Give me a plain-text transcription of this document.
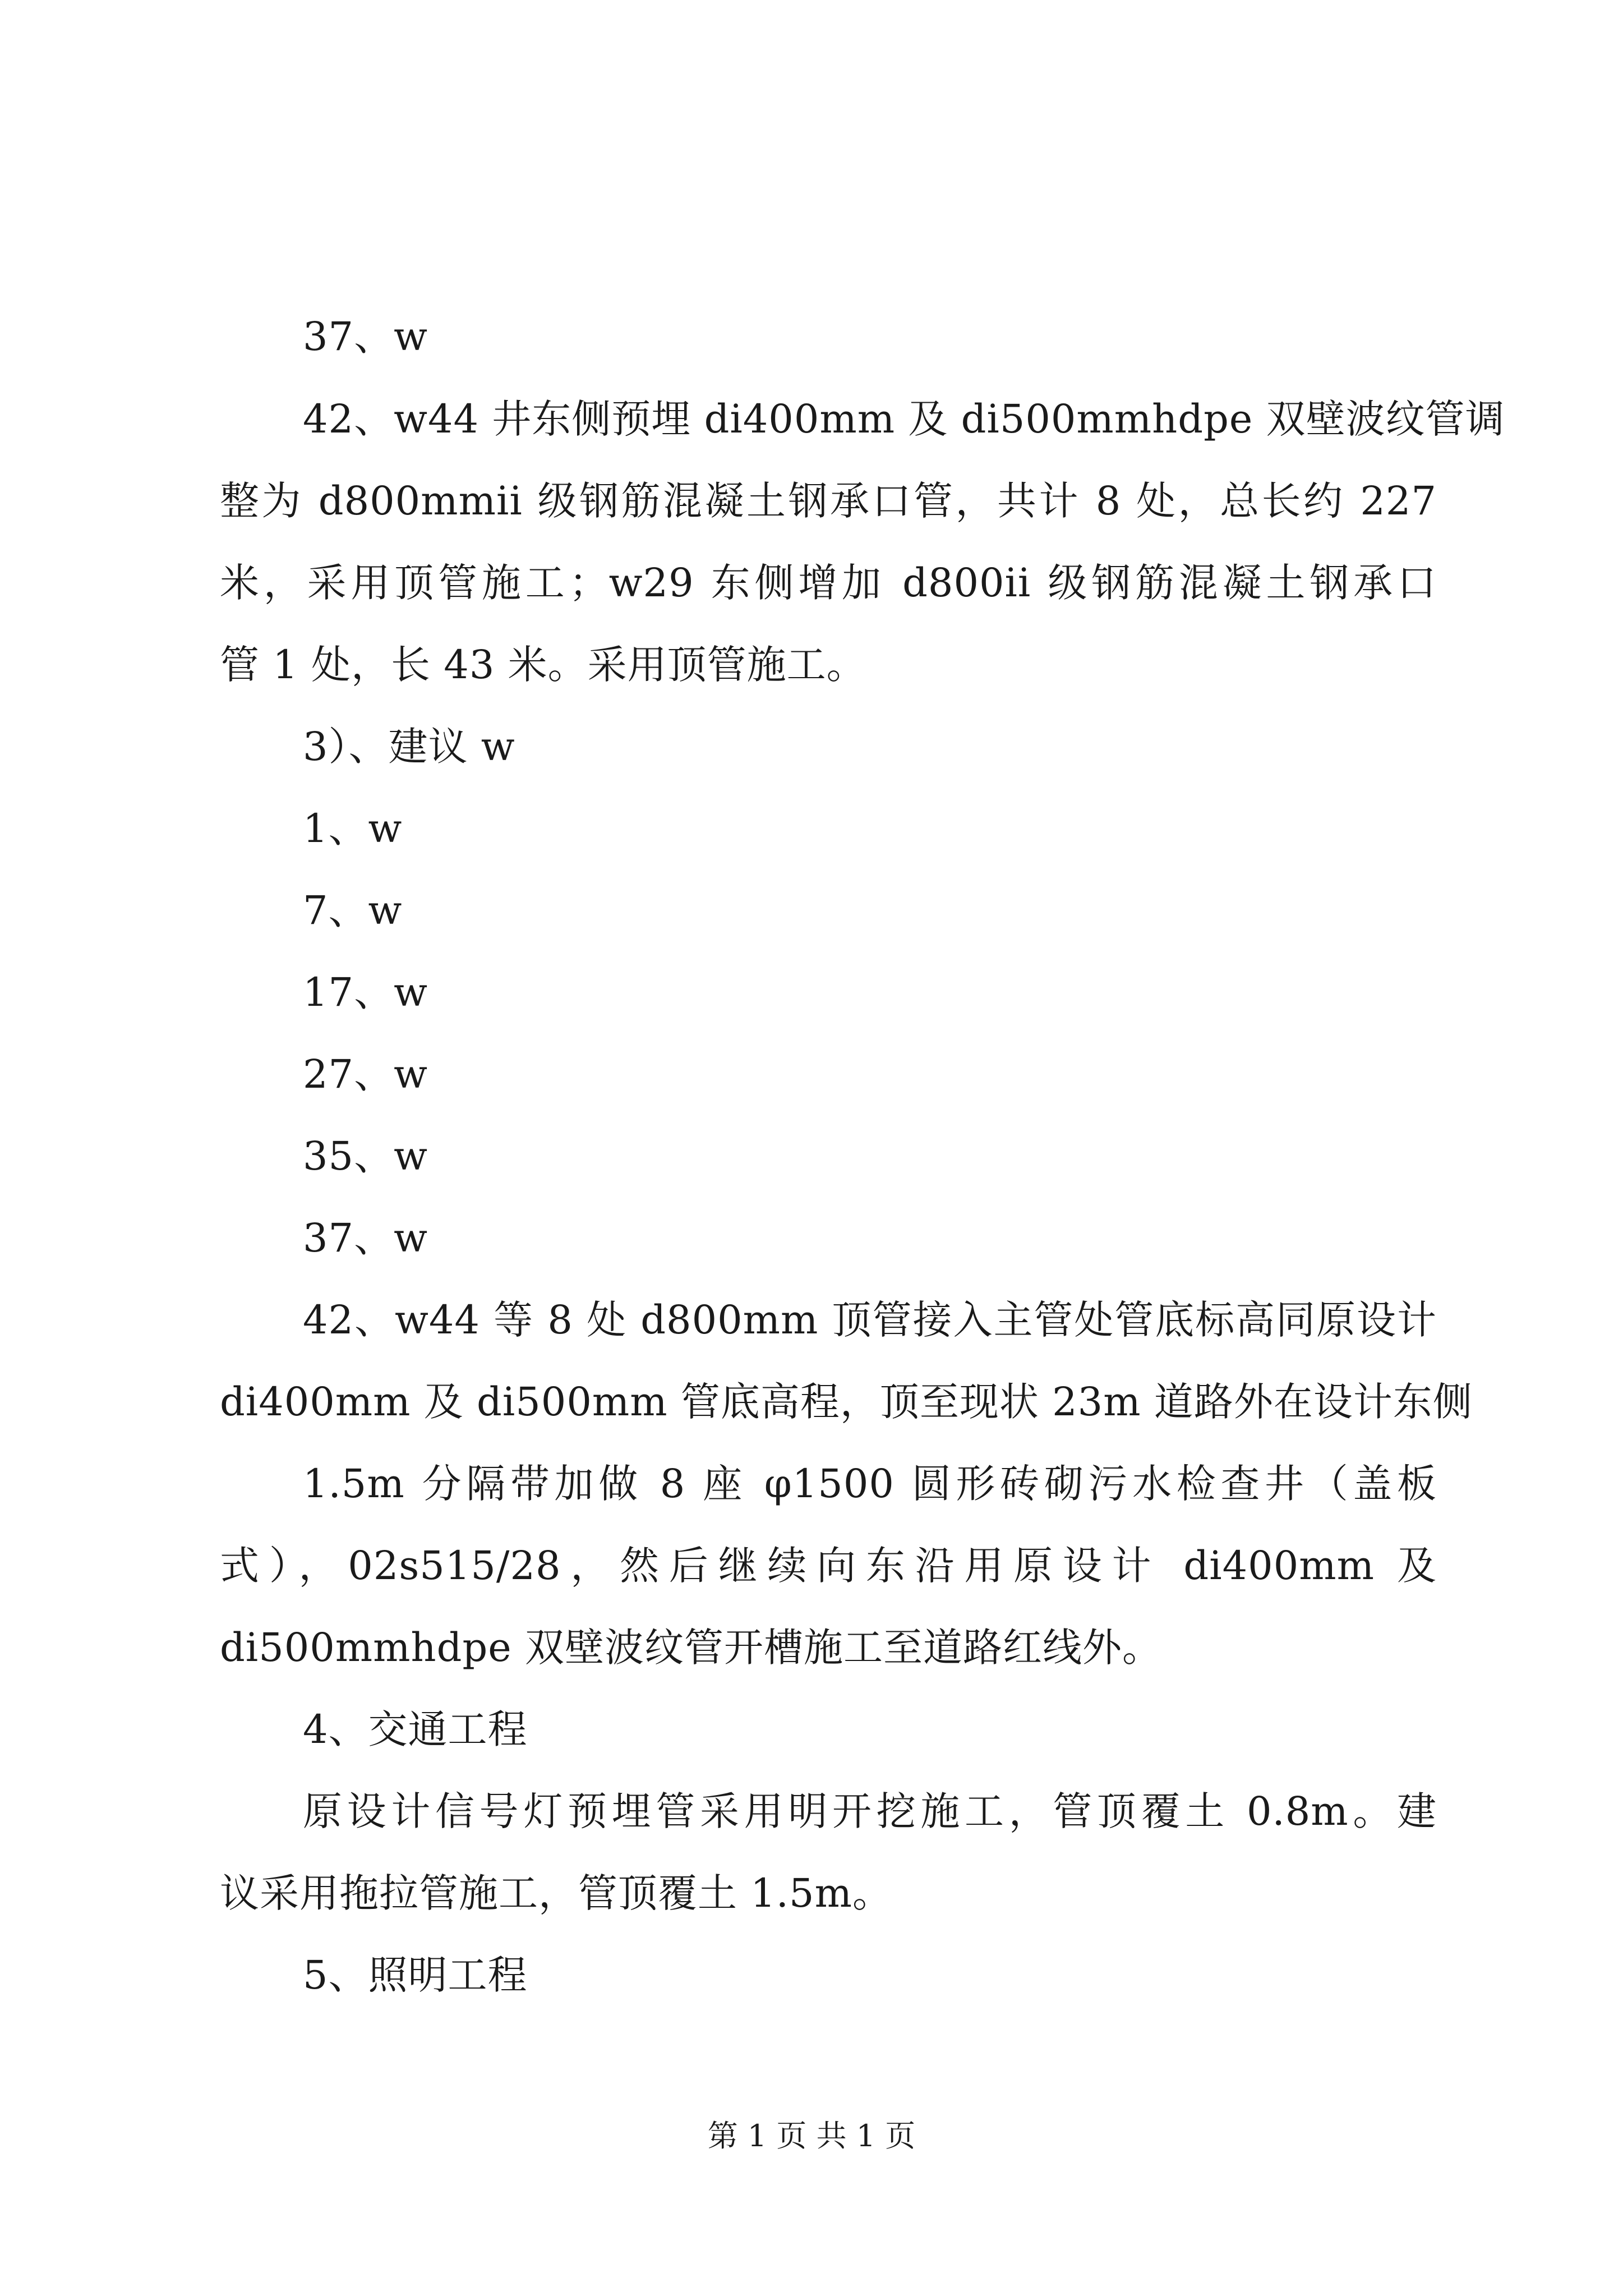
37、w
42、w44 井东侧预埋 di400mm 及 di500mmhdpe 双壁波纹管调
整为 d800mmii 级钢筋混凝土钢承口管，共计 8 处，总长约 227
米，采用顶管施工；w29 东侧增加 d800ii 级钢筋混凝土钢承口
管 1 处，长 43 米。采用顶管施工。
3）、建议 w
1、w
7、w
17、w
27、w
35、w
37、w
42、w44 等 8 处 d800mm 顶管接入主管处管底标高同原设计
di400mm 及 di500mm 管底高程，顶至现状 23m 道路外在设计东侧
1.5m 分隔带加做 8 座 φ1500 圆形砖砌污水检查井（盖板
式），02s515/28，然后继续向东沿用原设计 di400mm 及
di500mmhdpe 双壁波纹管开槽施工至道路红线外。
4、交通工程
原设计信号灯预埋管采用明开挖施工，管顶覆土 0.8m。建
议采用拖拉管施工，管顶覆土 1.5m。
5、照明工程
第 1 页 共 1 页
